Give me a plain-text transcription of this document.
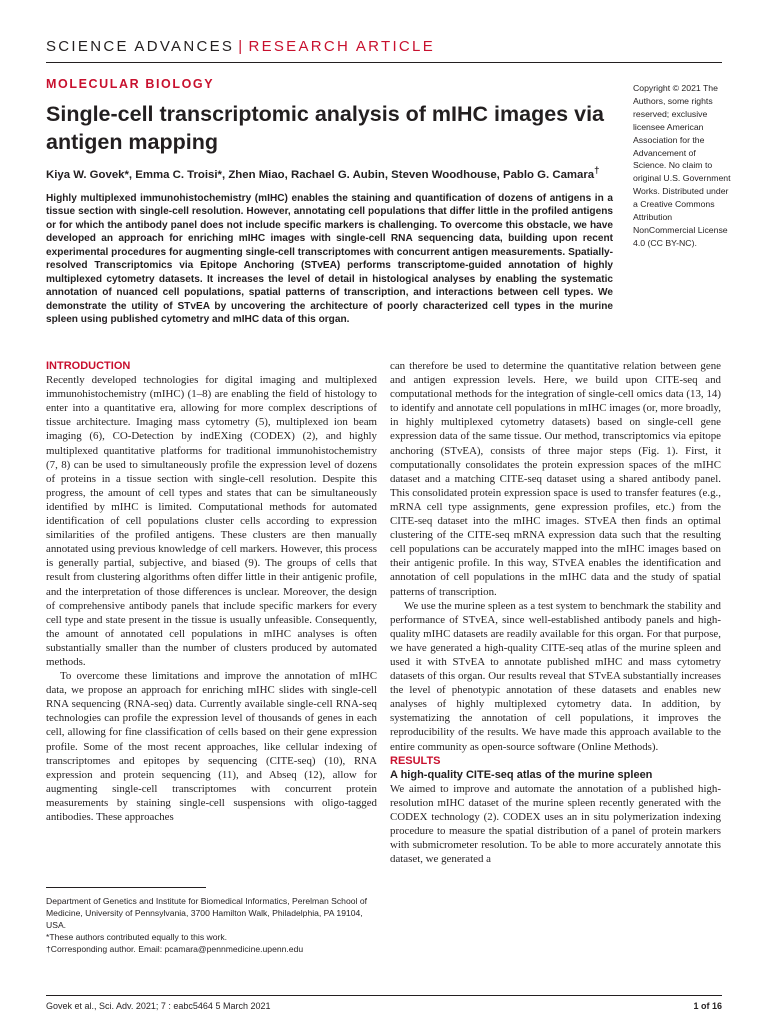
SCIENCE ADVANCES | RESEARCH ARTICLE
MOLECULAR BIOLOGY
Single-cell transcriptomic analysis of mIHC images via antigen mapping
Kiya W. Govek*, Emma C. Troisi*, Zhen Miao, Rachael G. Aubin, Steven Woodhouse, Pablo G. Camara†

Highly multiplexed immunohistochemistry (mIHC) enables the staining and quantification of dozens of antigens in a tissue section with single-cell resolution. However, annotating cell populations that differ little in the profiled antigens or for which the antibody panel does not include specific markers is challenging. To overcome this obstacle, we have developed an approach for enriching mIHC images with single-cell RNA sequencing data, building upon recent experimental procedures for augmenting single-cell transcriptomes with concurrent antigen measurements. Spatially-resolved Transcriptomics via Epitope Anchoring (STvEA) performs transcriptome-guided annotation of highly multiplexed cytometry datasets. It increases the level of detail in histological analyses by enabling the systematic annotation of nuanced cell populations, spatial patterns of transcription, and interactions between cell types. We demonstrate the utility of STvEA by uncovering the architecture of poorly characterized cell types in the murine spleen using published cytometry and mIHC data of this organ.

Copyright © 2021 The Authors, some rights reserved; exclusive licensee American Association for the Advancement of Science. No claim to original U.S. Government Works. Distributed under a Creative Commons Attribution NonCommercial License 4.0 (CC BY-NC).

INTRODUCTION

Recently developed technologies for digital imaging and multiplexed immunohistochemistry (mIHC) (1–8) are enabling the field of histology to enter into a quantitative era, allowing for more complex descriptions of tissue architecture. Imaging mass cytometry (5), multiplexed ion beam imaging (6), CO-Detection by indEXing (CODEX) (2), and highly multiplexed quantitative platforms for traditional immunohistochemistry (7, 8) can be used to simultaneously profile the expression level of dozens of proteins in a tissue section with single-cell resolution. Despite this progress, the amount of cell types and states that can be simultaneously identified by mIHC is limited. Computational methods for automated identification of cell populations cluster cells according to expression similarities of the profiled antigens. These clusters are then manually annotated using previous knowledge of cell markers. However, this process is generally partial, subjective, and biased (9). The groups of cells that result from clustering algorithms often differ little in their antigenic profile, and the interpretation of those differences is unclear. Moreover, the design of comprehensive antibody panels that include specific markers for every cell type and state present in the tissue is usually unfeasible. Consequently, the amount of annotated cell populations in mIHC analyses is often substantially smaller than the number of clusters produced by automated methods.

To overcome these limitations and improve the annotation of mIHC data, we propose an approach for enriching mIHC slides with single-cell RNA sequencing (RNA-seq) data. Currently available single-cell RNA-seq technologies can profile the expression level of thousands of genes in each cell, allowing for fine classification of cells based on their gene expression profile. Some of the most recent approaches, like cellular indexing of transcriptomes and epitopes by sequencing (CITE-seq) (10), RNA expression and protein sequencing (11), and Abseq (12), allow for augmenting single-cell transcriptomes with concurrent protein measurements by staining single-cell suspensions with oligo-tagged antibodies. These approaches

can therefore be used to determine the quantitative relation between gene and antigen expression levels. Here, we build upon CITE-seq and computational methods for the integration of single-cell omics data (13, 14) to identify and annotate cell populations in mIHC images (or, more broadly, in highly multiplexed cytometry datasets) based on single-cell gene expression data of the same tissue. Our method, transcriptomics via epitope anchoring (STvEA), consists of three major steps (Fig. 1). First, it computationally consolidates the protein expression spaces of the mIHC dataset and a matching CITE-seq dataset using a shared antibody panel. This consolidated protein expression space is used to transfer features (e.g., mRNA cell type assignments, gene expression profiles, etc.) from the CITE-seq dataset into the mIHC images. STvEA then finds an optimal clustering of the CITE-seq mRNA expression data such that the resulting cell populations can be accurately mapped into the mIHC images based on their antigenic profile. In this way, STvEA enables the identification and annotation of cell populations in the mIHC data and the study of spatial patterns of transcription.

We use the murine spleen as a test system to benchmark the stability and performance of STvEA, since well-established antibody panels and high-quality mIHC datasets are readily available for this organ. For that purpose, we have generated a high-quality CITE-seq atlas of the murine spleen and used it with STvEA to annotate published mIHC and mass cytometry datasets of this organ. Our results reveal that STvEA substantially increases the level of phenotypic annotation of these datasets and enables new analyses of highly multiplexed cytometry data. In addition, by systematizing the annotation of cell populations, it improves the reproducibility of the results. We have made this approach available to the entire community as open-source software (Online Methods).

RESULTS

A high-quality CITE-seq atlas of the murine spleen

We aimed to improve and automate the annotation of a published high-resolution mIHC dataset of the murine spleen recently generated with the CODEX technology (2). CODEX uses an in situ polymerization indexing procedure to measure the spatial distribution of a panel of protein markers with submicrometer resolution. To be able to more accurately annotate this dataset, we generated a

Department of Genetics and Institute for Biomedical Informatics, Perelman School of Medicine, University of Pennsylvania, 3700 Hamilton Walk, Philadelphia, PA 19104, USA.

*These authors contributed equally to this work.

†Corresponding author. Email: pcamara@pennmedicine.upenn.edu

Govek et al., Sci. Adv. 2021; 7 : eabc5464 5 March 2021	1 of 16
